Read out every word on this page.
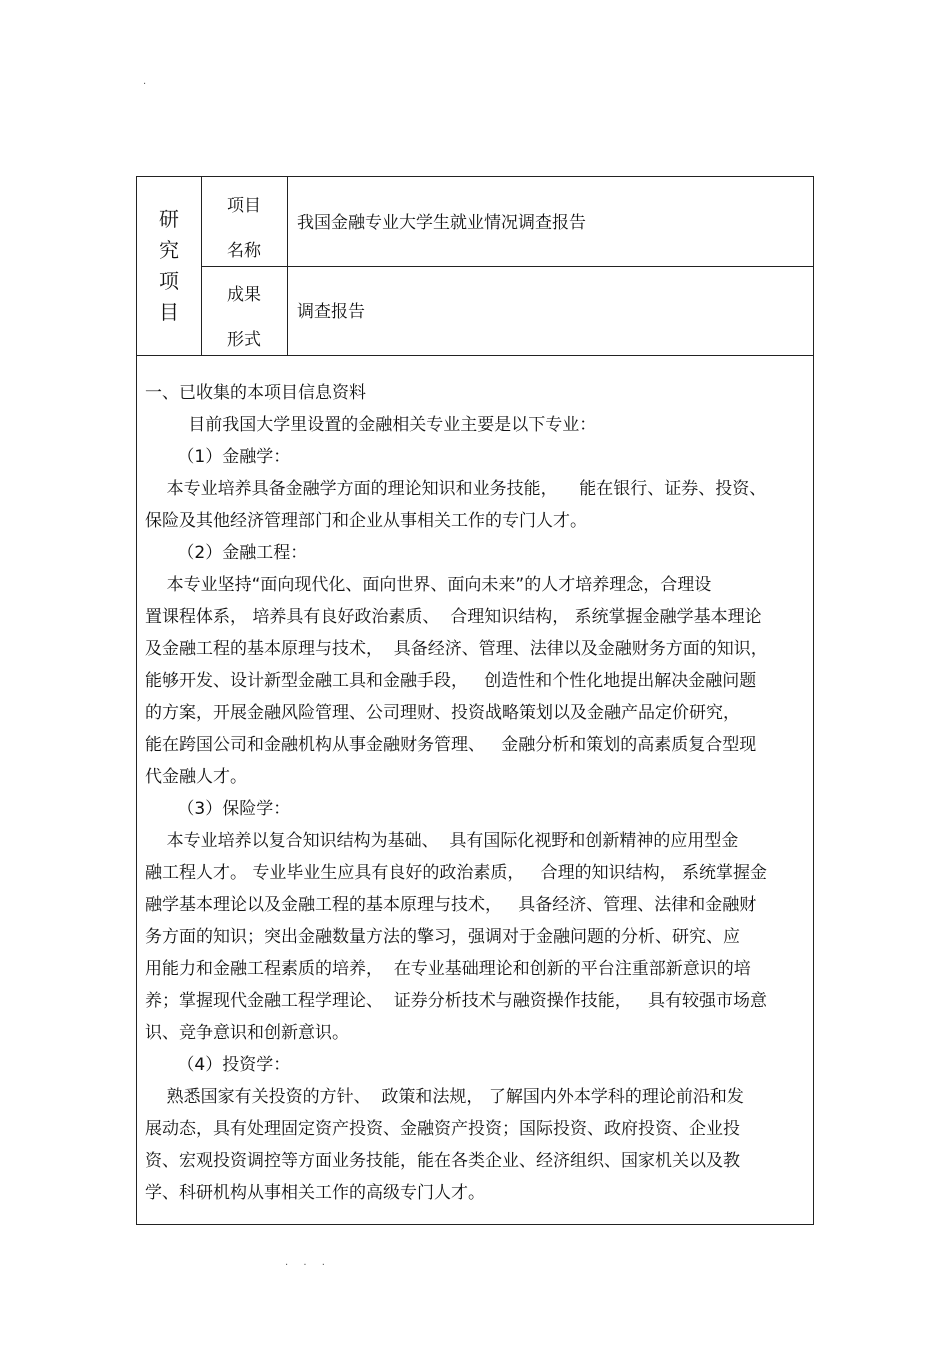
.
研
究
项
目
项目
名称
我国金融专业大学生就业情况调查报告
成果
形式
调查报告
一、已收集的本项目信息资料
目前我国大学里设置的金融相关专业主要是以下专业：
（1）金融学：
本专业培养具备金融学方面的理论知识和业务技能，    能在银行、证券、投资、
保险及其他经济管理部门和企业从事相关工作的专门人才。
（2）金融工程：
本专业坚持“面向现代化、面向世界、面向未来”的人才培养理念，合理设
置课程体系， 培养具有良好政治素质、  合理知识结构， 系统掌握金融学基本理论
及金融工程的基本原理与技术，  具备经济、管理、法律以及金融财务方面的知识，
能够开发、设计新型金融工具和金融手段，   创造性和个性化地提出解决金融问题
的方案，开展金融风险管理、公司理财、投资战略策划以及金融产品定价研究，
能在跨国公司和金融机构从事金融财务管理、   金融分析和策划的高素质复合型现
代金融人才。
（3）保险学：
本专业培养以复合知识结构为基础、  具有国际化视野和创新精神的应用型金
融工程人才。 专业毕业生应具有良好的政治素质，   合理的知识结构， 系统掌握金
融学基本理论以及金融工程的基本原理与技术，   具备经济、管理、法律和金融财
务方面的知识；突出金融数量方法的擎习，强调对于金融问题的分析、研究、应
用能力和金融工程素质的培养，  在专业基础理论和创新的平台注重部新意识的培
养；掌握现代金融工程学理论、  证券分析技术与融资操作技能，   具有较强市场意
识、竞争意识和创新意识。
（4）投资学：
熟悉国家有关投资的方针、  政策和法规， 了解国内外本学科的理论前沿和发
展动态，具有处理固定资产投资、金融资产投资；国际投资、政府投资、企业投
资、宏观投资调控等方面业务技能，能在各类企业、经济组织、国家机关以及教
学、科研机构从事相关工作的高级专门人才。
. . .
